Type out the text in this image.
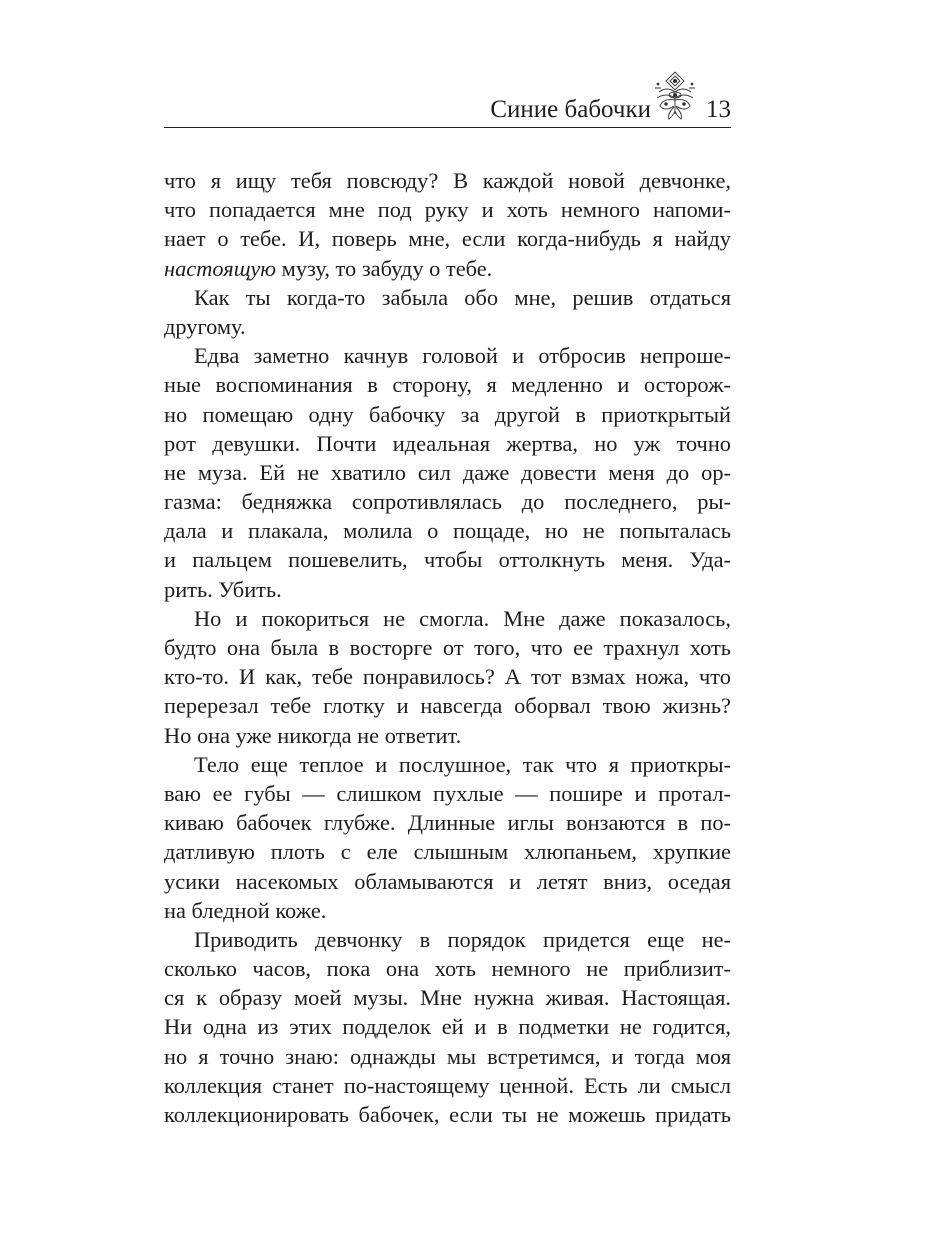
Синие бабочки 13
что я ищу тебя повсюду? В каждой новой девчонке,
что попадается мне под руку и хоть немного напоми-
нает о тебе. И, поверь мне, если когда-нибудь я найду
настоящую музу, то забуду о тебе.
Как ты когда-то забыла обо мне, решив отдаться
другому.
Едва заметно качнув головой и отбросив непроше-
ные воспоминания в сторону, я медленно и осторож-
но помещаю одну бабочку за другой в приоткрытый
рот девушки. Почти идеальная жертва, но уж точно
не муза. Ей не хватило сил даже довести меня до ор-
газма: бедняжка сопротивлялась до последнего, ры-
дала и плакала, молила о пощаде, но не попыталась
и пальцем пошевелить, чтобы оттолкнуть меня. Уда-
рить. Убить.
Но и покориться не смогла. Мне даже показалось,
будто она была в восторге от того, что ее трахнул хоть
кто-то. И как, тебе понравилось? А тот взмах ножа, что
перерезал тебе глотку и навсегда оборвал твою жизнь?
Но она уже никогда не ответит.
Тело еще теплое и послушное, так что я приоткры-
ваю ее губы — слишком пухлые — пошире и протал-
киваю бабочек глубже. Длинные иглы вонзаются в по-
датливую плоть с еле слышным хлюпаньем, хрупкие
усики насекомых обламываются и летят вниз, оседая
на бледной коже.
Приводить девчонку в порядок придется еще не-
сколько часов, пока она хоть немного не приблизит-
ся к образу моей музы. Мне нужна живая. Настоящая.
Ни одна из этих подделок ей и в подметки не годится,
но я точно знаю: однажды мы встретимся, и тогда моя
коллекция станет по-настоящему ценной. Есть ли смысл
коллекционировать бабочек, если ты не можешь придать
